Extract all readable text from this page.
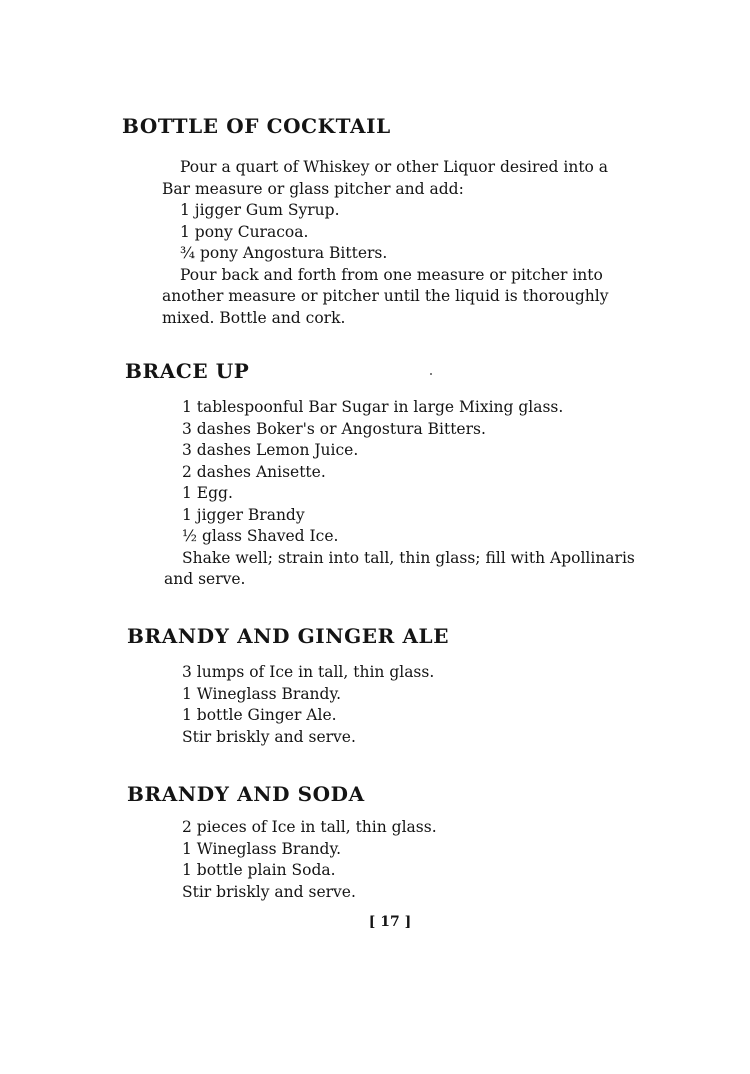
BOTTLE OF COCKTAIL
Pour a quart of Whiskey or other Liquor desired into a
Bar measure or glass pitcher and add:
1 jigger Gum Syrup.
1 pony Curacoa.
¾ pony Angostura Bitters.
Pour back and forth from one measure or pitcher into
another measure or pitcher until the liquid is thoroughly
mixed. Bottle and cork.
BRACE UP
1 tablespoonful Bar Sugar in large Mixing glass.
3 dashes Boker's or Angostura Bitters.
3 dashes Lemon Juice.
2 dashes Anisette.
1 Egg.
1 jigger Brandy
½ glass Shaved Ice.
Shake well; strain into tall, thin glass; fill with Apollinaris
and serve.
BRANDY AND GINGER ALE
3 lumps of Ice in tall, thin glass.
1 Wineglass Brandy.
1 bottle Ginger Ale.
Stir briskly and serve.
BRANDY AND SODA
2 pieces of Ice in tall, thin glass.
1 Wineglass Brandy.
1 bottle plain Soda.
Stir briskly and serve.
[ 17 ]
